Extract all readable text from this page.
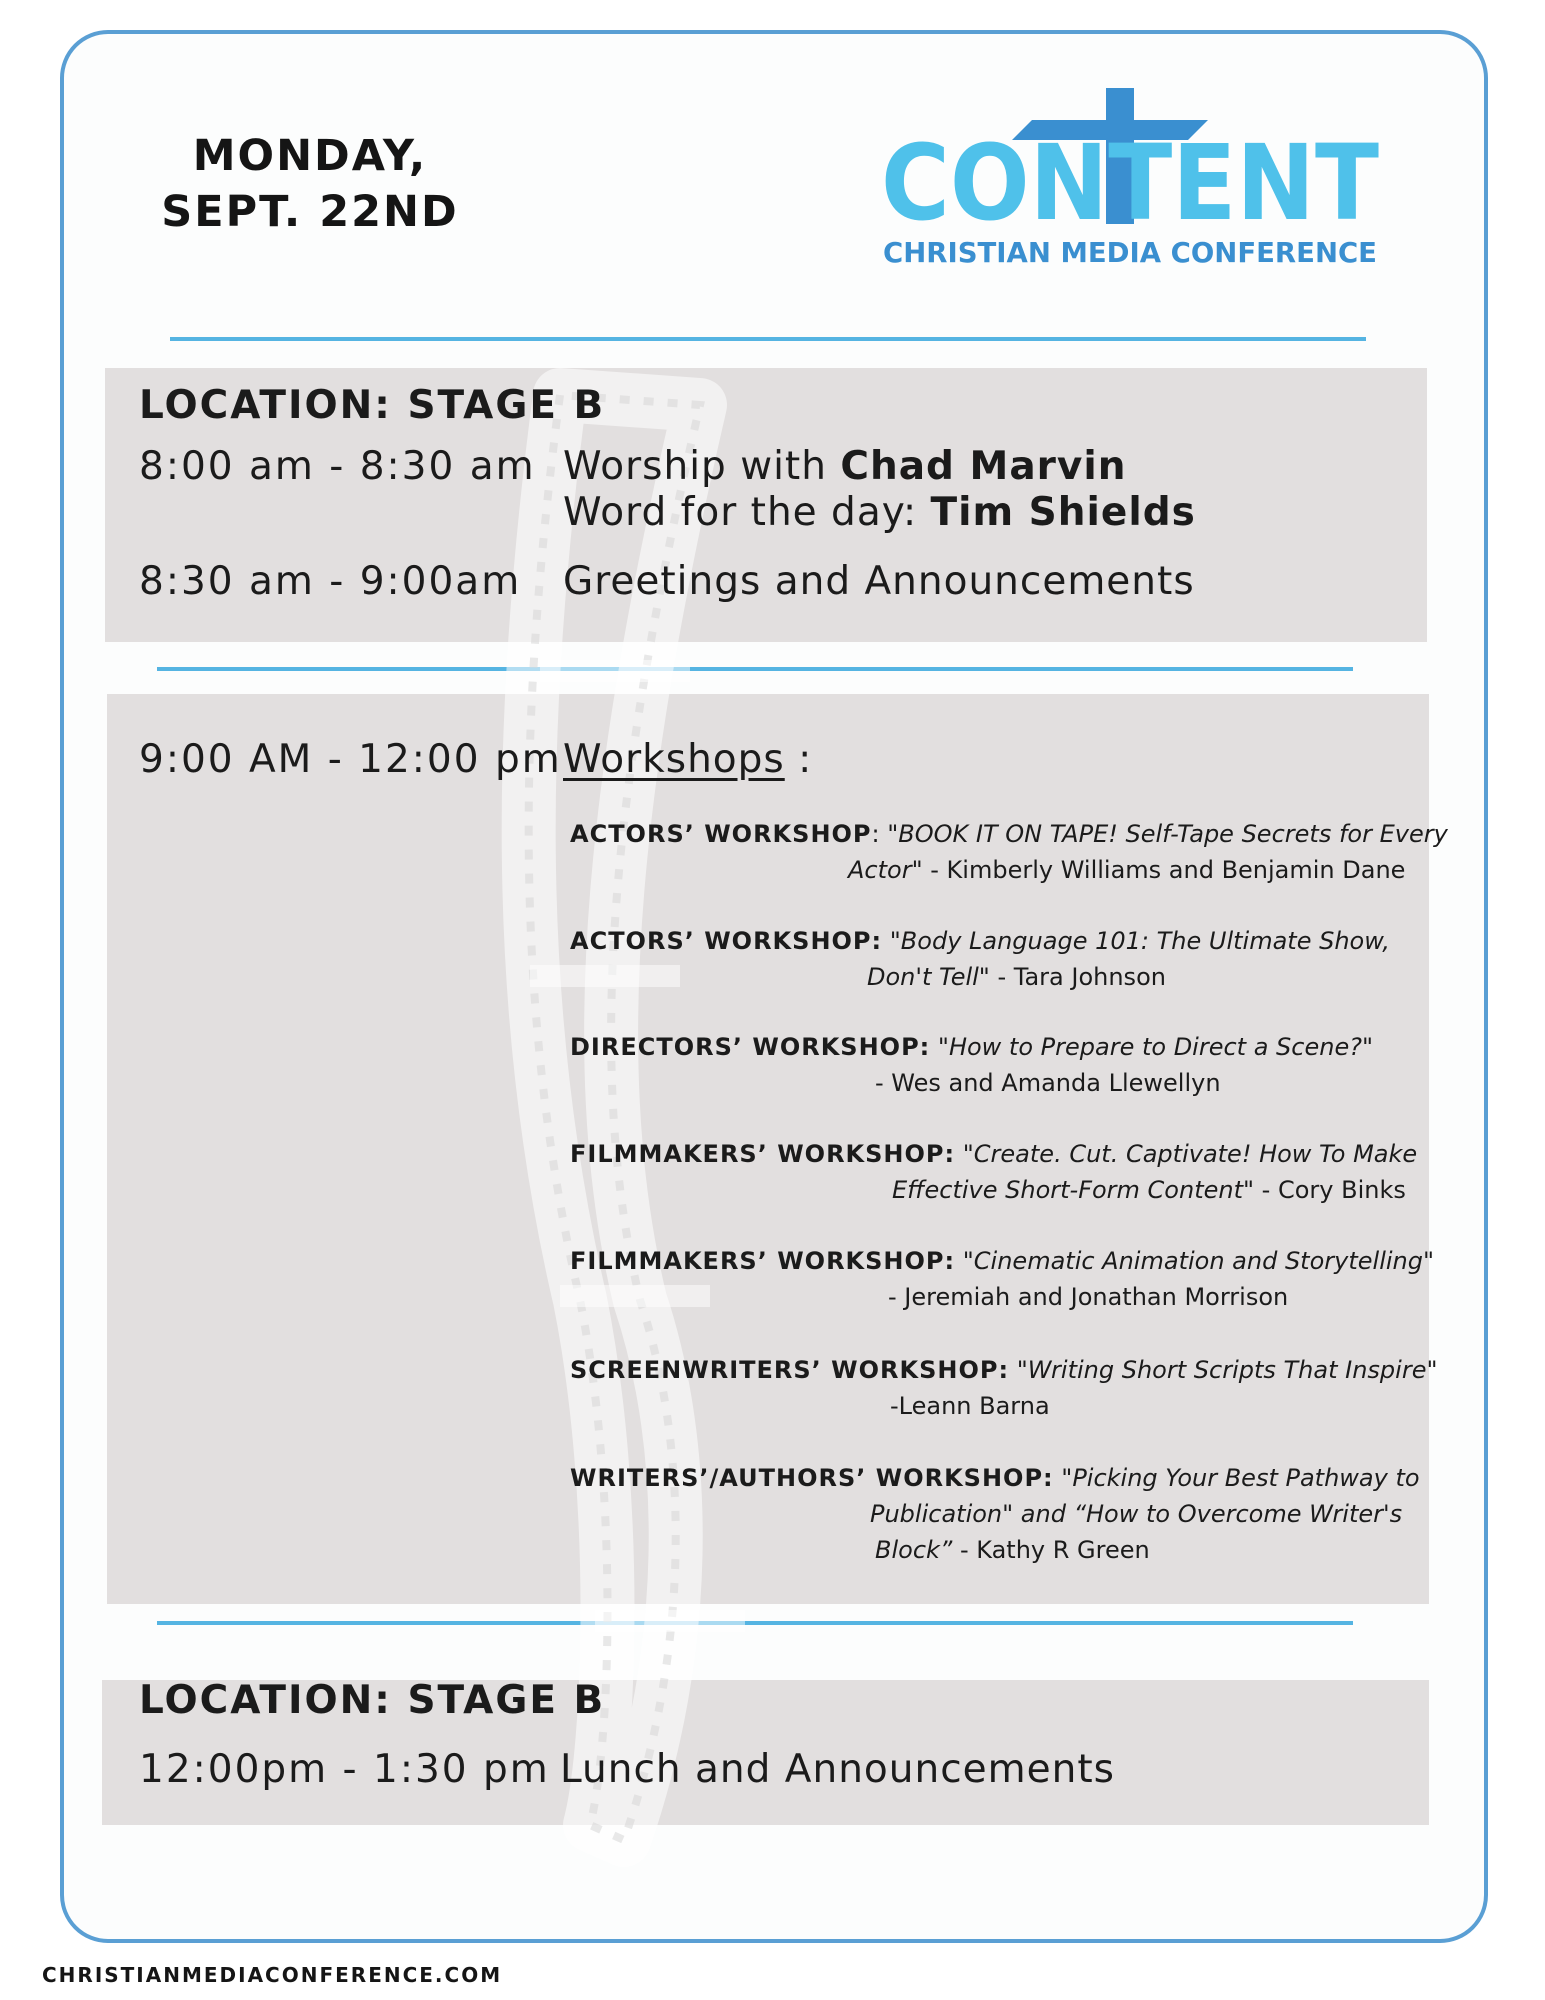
MONDAY,
SEPT. 22ND	CONTENT
CHRISTIAN MEDIA CONFERENCE
LOCATION: STAGE B
8:00 am - 8:30 am Worship with Chad Marvin
Word for the day: Tim Shields
8:30 am - 9:00am Greetings and Announcements
9:00 AM - 12:00 pm Workshops :
ACTORS’ WORKSHOP: "BOOK IT ON TAPE! Self-Tape Secrets for Every
Actor" - Kimberly Williams and Benjamin Dane
ACTORS’ WORKSHOP: "Body Language 101: The Ultimate Show,
Don't Tell" - Tara Johnson
DIRECTORS’ WORKSHOP: "How to Prepare to Direct a Scene?"
- Wes and Amanda Llewellyn
FILMMAKERS’ WORKSHOP: "Create. Cut. Captivate! How To Make
Effective Short-Form Content" - Cory Binks
FILMMAKERS’ WORKSHOP: "Cinematic Animation and Storytelling"
- Jeremiah and Jonathan Morrison
SCREENWRITERS’ WORKSHOP: "Writing Short Scripts That Inspire"
-Leann Barna
WRITERS’/AUTHORS’ WORKSHOP: "Picking Your Best Pathway to
Publication" and “How to Overcome Writer's
Block” - Kathy R Green
LOCATION: STAGE B
12:00pm - 1:30 pm Lunch and Announcements
CHRISTIANMEDIACONFERENCE.COM
